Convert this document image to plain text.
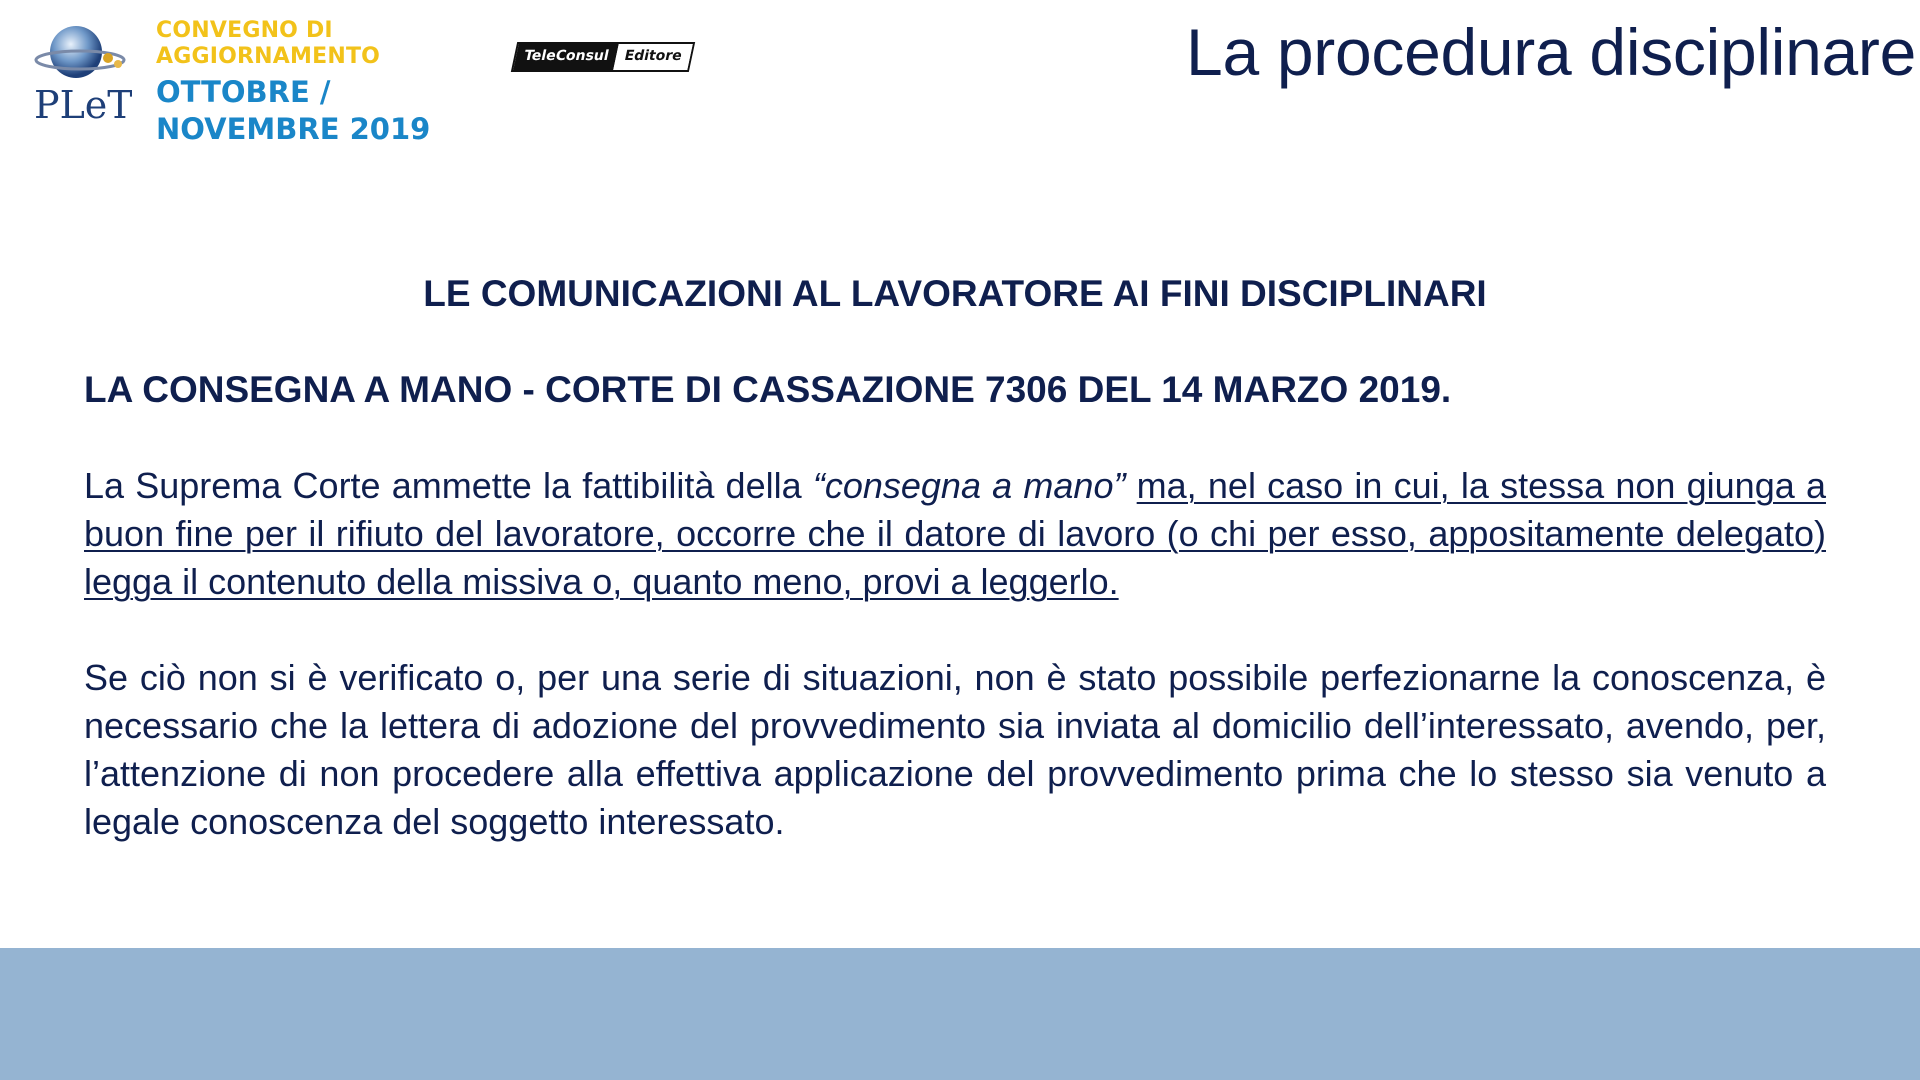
PLeT
CONVEGNO DI
AGGIORNAMENTO
OTTOBRE /
NOVEMBRE 2019
TeleConsul Editore	La procedura disciplinare

LE COMUNICAZIONI AL LAVORATORE AI FINI DISCIPLINARI

LA CONSEGNA A MANO - CORTE DI CASSAZIONE 7306 DEL 14 MARZO 2019.

La Suprema Corte ammette la fattibilità della “consegna a mano” ma, nel caso in cui, la stessa non giunga a buon fine per il rifiuto del lavoratore, occorre che il datore di lavoro (o chi per esso, appositamente delegato) legga il contenuto della missiva o, quanto meno, provi a leggerlo.

Se ciò non si è verificato o, per una serie di situazioni, non è stato possibile perfezionarne la conoscenza, è necessario che la lettera di adozione del provvedimento sia inviata al domicilio dell’interessato, avendo, per, l’attenzione di non procedere alla effettiva applicazione del provvedimento prima che lo stesso sia venuto a legale conoscenza del soggetto interessato.
